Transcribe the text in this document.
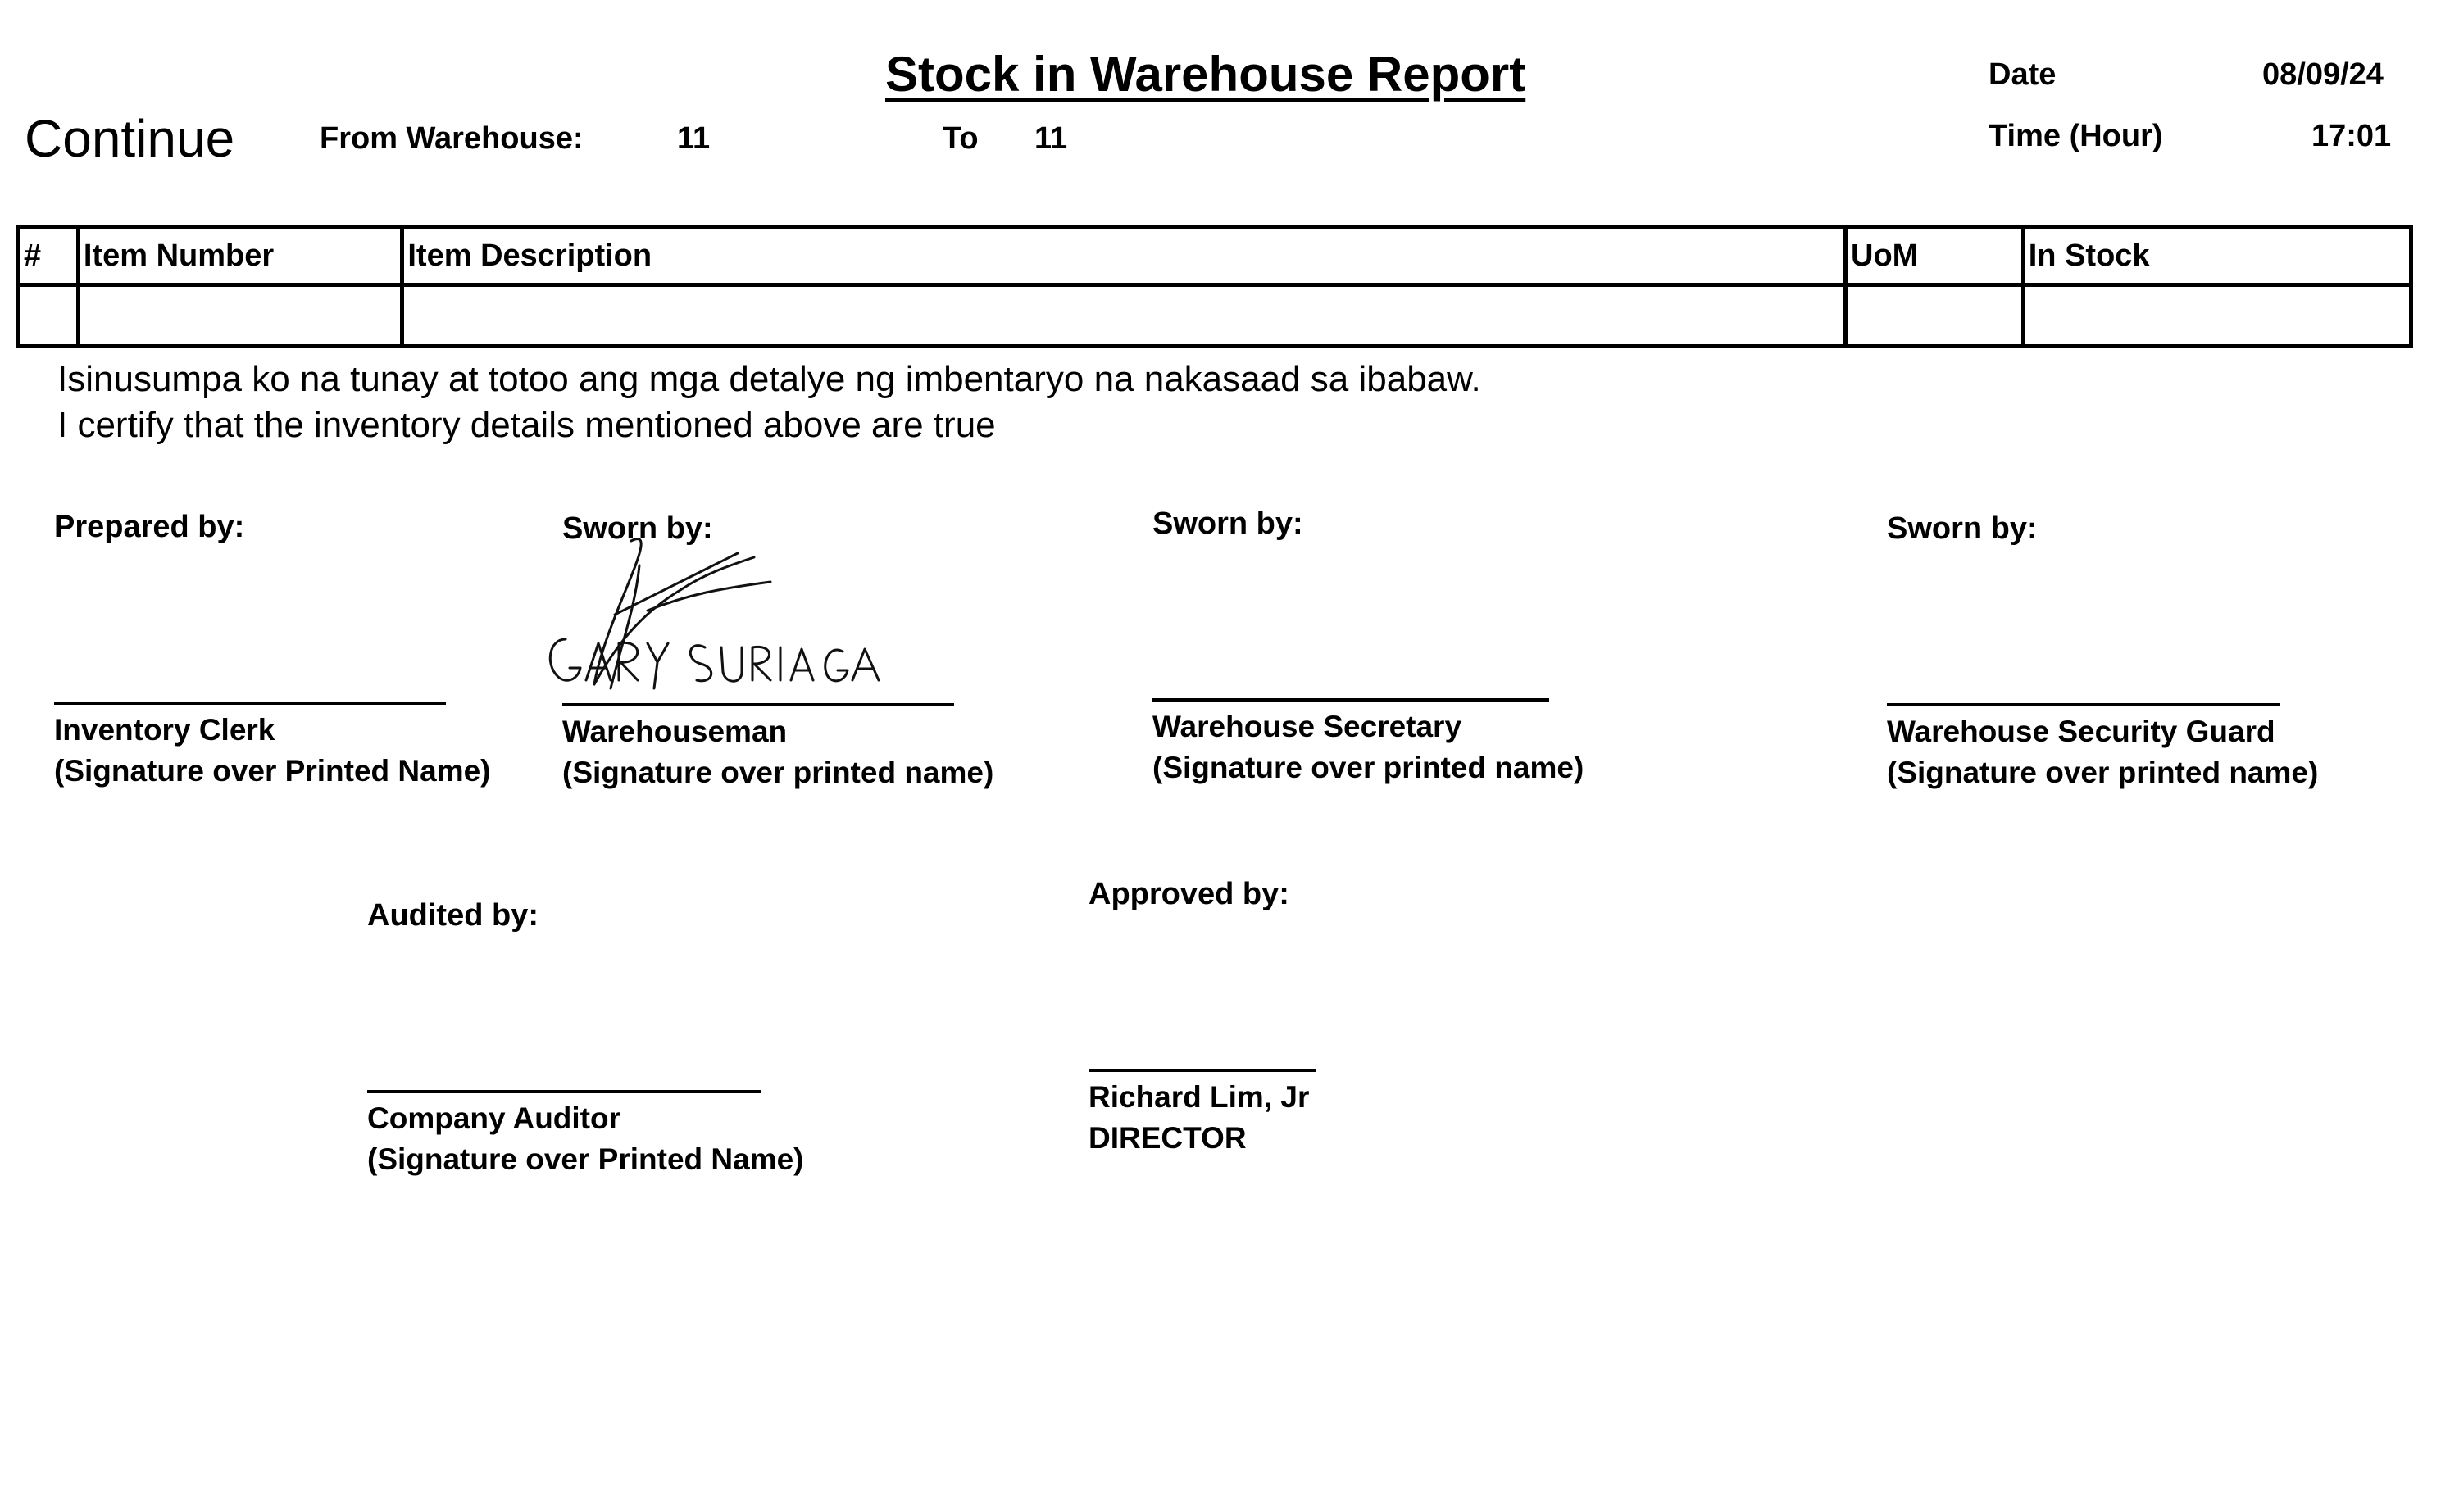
Stock in Warehouse Report
Continue	From Warehouse:	11	To 11
Date	08/09/24
Time (Hour)	17:01
#	Item Number	Item Description	UoM	In Stock

Isinusumpa ko na tunay at totoo ang mga detalye ng imbentaryo na nakasaad sa ibabaw.
I certify that the inventory details mentioned above are true
Prepared by:
Inventory Clerk
(Signature over Printed Name)
Sworn by:
Warehouseman
(Signature over printed name)
Sworn by:
Warehouse Secretary
(Signature over printed name)
Sworn by:
Warehouse Security Guard
(Signature over printed name)
Audited by:
Company Auditor
(Signature over Printed Name)
Approved by:
Richard Lim, Jr
DIRECTOR
